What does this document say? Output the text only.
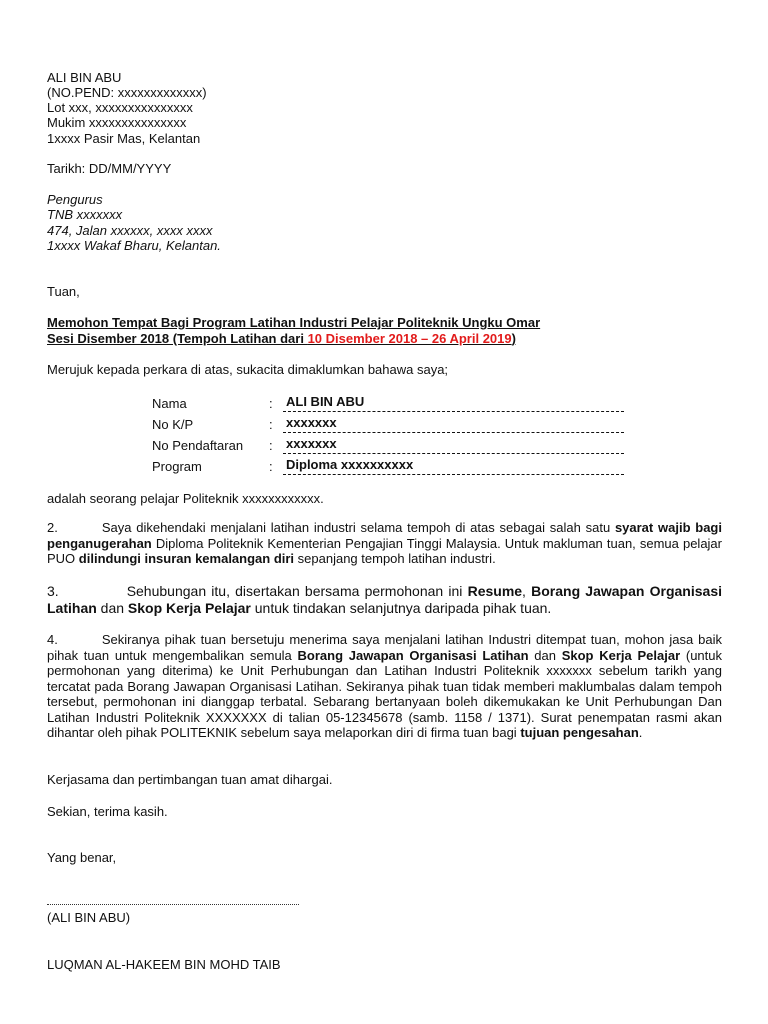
ALI BIN ABU
(NO.PEND: xxxxxxxxxxxxx)
Lot xxx, xxxxxxxxxxxxxxx
Mukim xxxxxxxxxxxxxxx
1xxxx Pasir Mas, Kelantan
Tarikh: DD/MM/YYYY
Pengurus
TNB xxxxxxx
474, Jalan xxxxxx, xxxx xxxx
1xxxx Wakaf Bharu, Kelantan.
Tuan,
Memohon Tempat Bagi Program Latihan Industri Pelajar Politeknik Ungku Omar
Sesi Disember 2018 (Tempoh Latihan dari 10 Disember 2018 – 26 April 2019)
Merujuk kepada perkara di atas, sukacita dimaklumkan bahawa saya;
Nama	: ALI BIN ABU
No K/P	: xxxxxxx
No Pendaftaran : xxxxxxx
Program	: Diploma xxxxxxxxxx
adalah seorang pelajar Politeknik xxxxxxxxxxxx.
2.	Saya dikehendaki menjalani latihan industri selama tempoh di atas sebagai salah satu syarat wajib bagi penganugerahan Diploma Politeknik Kementerian Pengajian Tinggi Malaysia. Untuk makluman tuan, semua pelajar PUO dilindungi insuran kemalangan diri sepanjang tempoh latihan industri.
3.	Sehubungan itu, disertakan bersama permohonan ini Resume, Borang Jawapan Organisasi Latihan dan Skop Kerja Pelajar untuk tindakan selanjutnya daripada pihak tuan.
4.	Sekiranya pihak tuan bersetuju menerima saya menjalani latihan Industri ditempat tuan, mohon jasa baik pihak tuan untuk mengembalikan semula Borang Jawapan Organisasi Latihan dan Skop Kerja Pelajar (untuk permohonan yang diterima) ke Unit Perhubungan dan Latihan Industri Politeknik xxxxxxx sebelum tarikh yang tercatat pada Borang Jawapan Organisasi Latihan. Sekiranya pihak tuan tidak memberi maklumbalas dalam tempoh tersebut, permohonan ini dianggap terbatal. Sebarang bertanyaan boleh dikemukakan ke Unit Perhubungan Dan Latihan Industri Politeknik XXXXXXX di talian 05-12345678 (samb. 1158 / 1371). Surat penempatan rasmi akan dihantar oleh pihak POLITEKNIK sebelum saya melaporkan diri di firma tuan bagi tujuan pengesahan.
Kerjasama dan pertimbangan tuan amat dihargai.
Sekian, terima kasih.
Yang benar,
(ALI BIN ABU)
LUQMAN AL-HAKEEM BIN MOHD TAIB
